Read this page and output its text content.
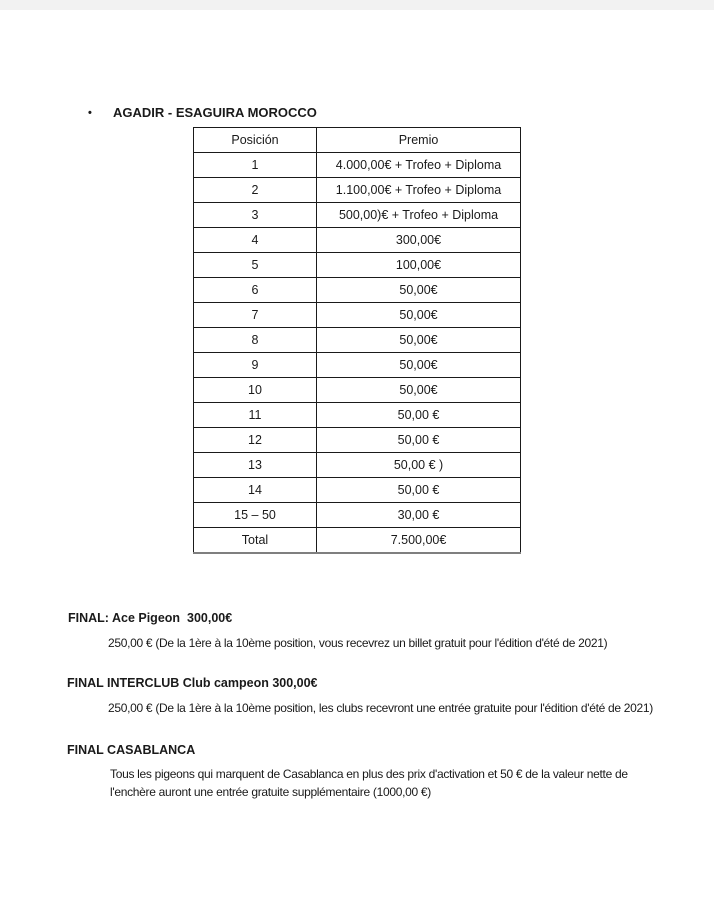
• AGADIR - ESAGUIRA MOROCCO
Posición	Premio
1	4.000,00€ + Trofeo + Diploma
2	1.100,00€ + Trofeo + Diploma
3	500,00)€ + Trofeo + Diploma
4	300,00€
5	100,00€
6	50,00€
7	50,00€
8	50,00€
9	50,00€
10	50,00€
11	50,00 €
12	50,00 €
13	50,00 € )
14	50,00 €
15 – 50	30,00 €
Total	7.500,00€
FINAL: Ace Pigeon  300,00€
250,00 € (De la 1ère à la 10ème position, vous recevrez un billet gratuit pour l'édition d'été de 2021)
FINAL INTERCLUB Club campeon 300,00€
250,00 € (De la 1ère à la 10ème position, les clubs recevront une entrée gratuite pour l'édition d'été de 2021)
FINAL CASABLANCA
Tous les pigeons qui marquent de Casablanca en plus des prix d'activation et 50 € de la valeur nette de l'enchère auront une entrée gratuite supplémentaire (1000,00 €)
